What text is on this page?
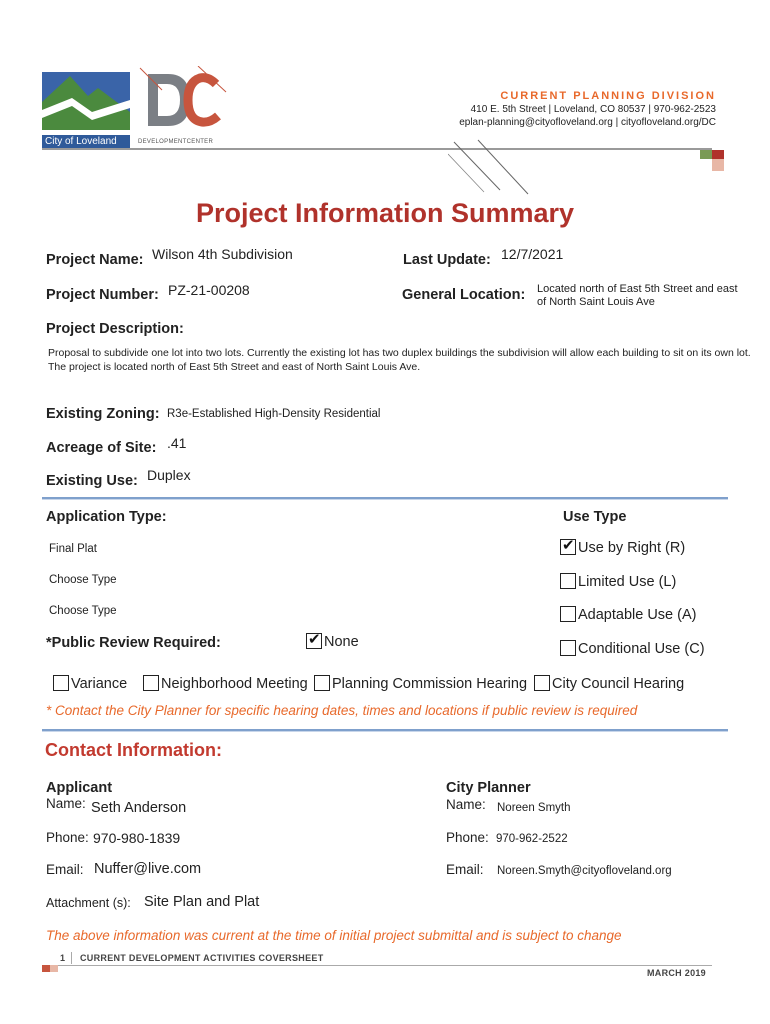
City of Loveland	DEVELOPMENTCENTER
CURRENT PLANNING DIVISION
410 E. 5th Street | Loveland, CO 80537 | 970-962-2523
eplan-planning@cityofloveland.org | cityofloveland.org/DC
Project Information Summary
Project Name: Wilson 4th Subdivision	Last Update: 12/7/2021
Project Number: PZ-21-00208	General Location: Located north of East 5th Street and east of North Saint Louis Ave
Project Description:
Proposal to subdivide one lot into two lots. Currently the existing lot has two duplex buildings the subdivision will allow each building to sit on its own lot. The project is located north of East 5th Street and east of North Saint Louis Ave.
Existing Zoning: R3e-Established High-Density Residential
Acreage of Site: .41
Existing Use: Duplex
Application Type:	Use Type
Final Plat
Choose Type
Choose Type
✔Use by Right (R)
Limited Use (L)
Adaptable Use (A)
Conditional Use (C)
*Public Review Required:
✔	None
Variance	Neighborhood Meeting	Planning Commission Hearing	City Council Hearing
* Contact the City Planner for specific hearing dates, times and locations if public review is required
Contact Information:
Applicant
Name: Seth Anderson
City Planner
Name: Noreen Smyth
Phone: 970-980-1839	Phone: 970-962-2522
Email: Nuffer@live.com	Email: Noreen.Smyth@cityofloveland.org
Attachment (s): Site Plan and Plat
The above information was current at the time of initial project submittal and is subject to change
1 CURRENT DEVELOPMENT ACTIVITIES COVERSHEET
MARCH 2019
